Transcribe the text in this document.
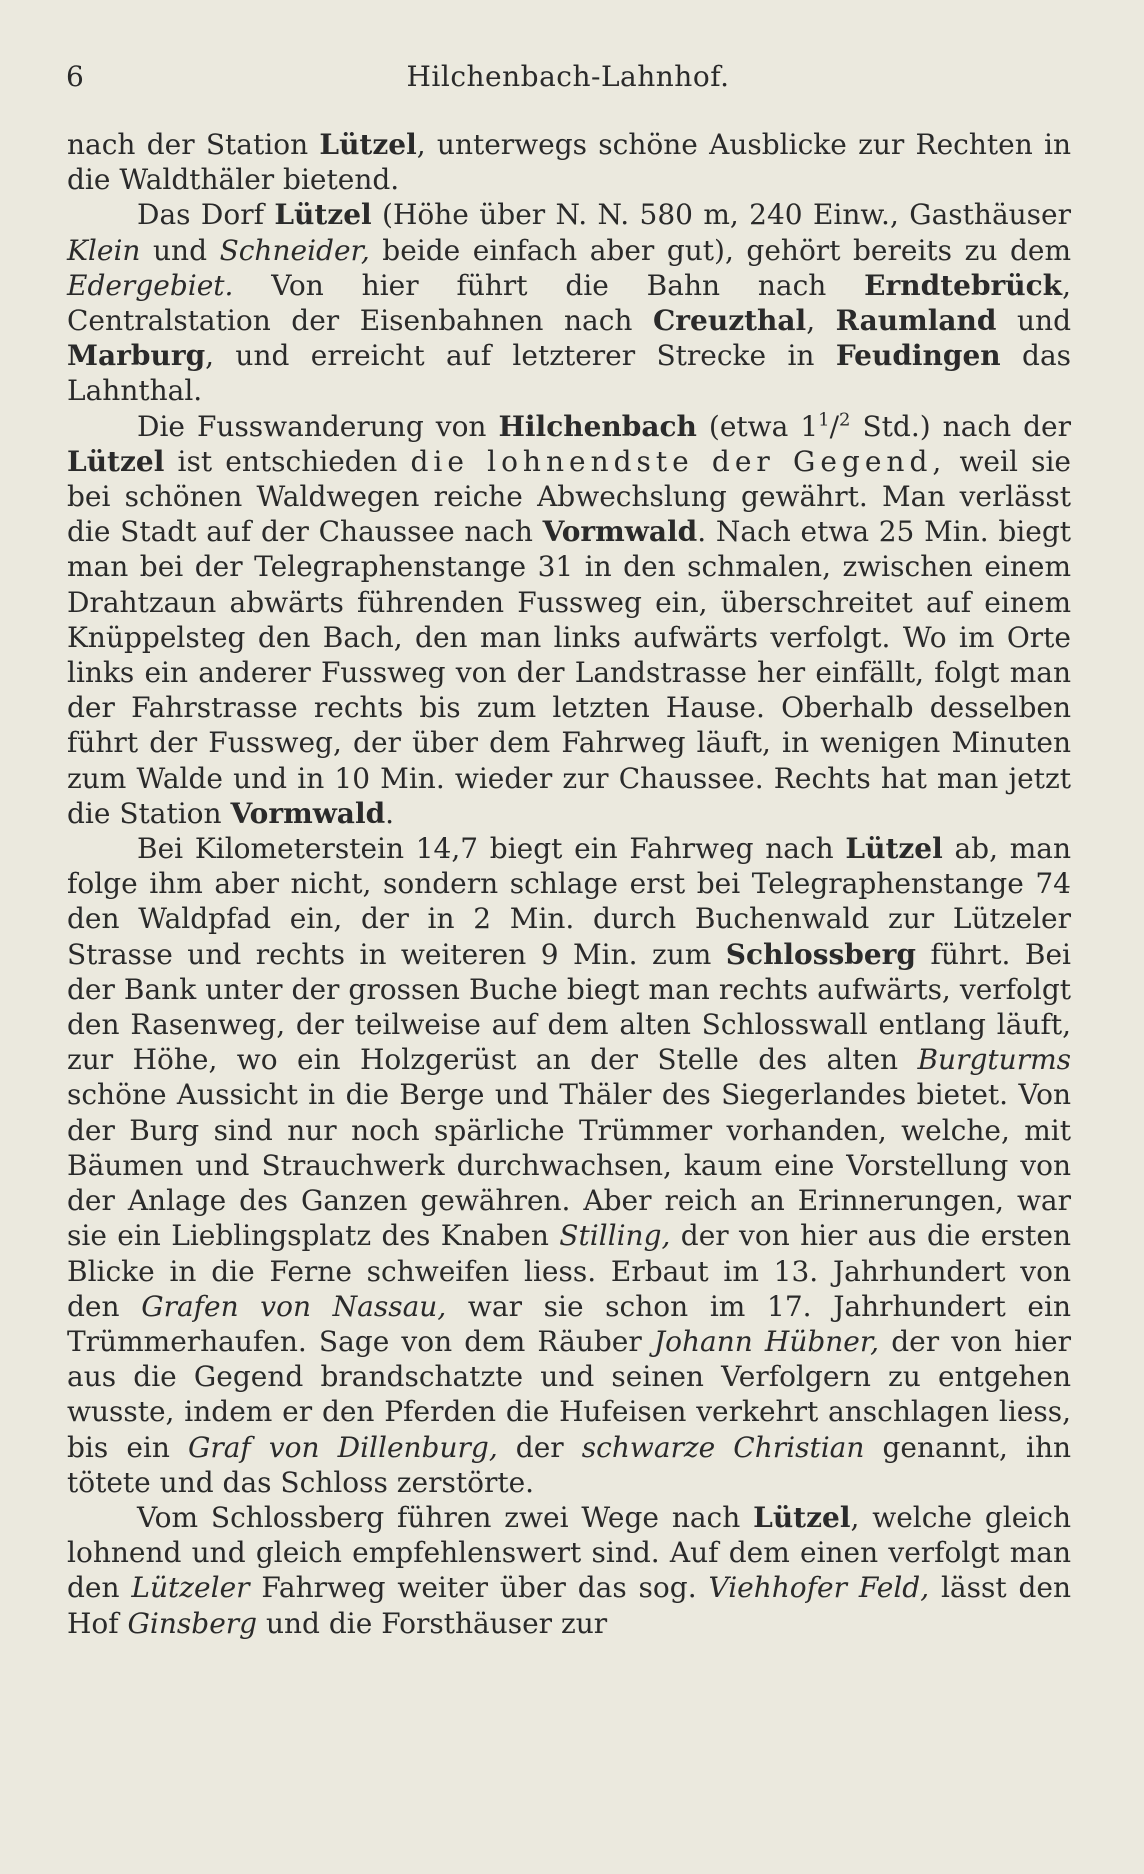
6	Hilchenbach-Lahnhof.

nach der Station Lützel, unterwegs schöne Ausblicke zur Rechten in die Waldthäler bietend.

Das Dorf Lützel (Höhe über N. N. 580 m, 240 Einw., Gasthäuser Klein und Schneider, beide einfach aber gut), gehört bereits zu dem Edergebiet. Von hier führt die Bahn nach Erndtebrück, Centralstation der Eisenbahnen nach Creuzthal, Raumland und Marburg, und erreicht auf letzterer Strecke in Feudingen das Lahnthal.

Die Fusswanderung von Hilchenbach (etwa $1^1/^2$ Std.) nach der Lützel ist entschieden die lohnendste der Gegend, weil sie bei schönen Waldwegen reiche Abwechslung gewährt. Man verlässt die Stadt auf der Chaussee nach Vormwald. Nach etwa 25 Min. biegt man bei der Telegraphenstange 31 in den schmalen, zwischen einem Drahtzaun abwärts führenden Fussweg ein, überschreitet auf einem Knüppelsteg den Bach, den man links aufwärts verfolgt. Wo im Orte links ein anderer Fussweg von der Landstrasse her einfällt, folgt man der Fahrstrasse rechts bis zum letzten Hause. Oberhalb desselben führt der Fussweg, der über dem Fahrweg läuft, in wenigen Minuten zum Walde und in 10 Min. wieder zur Chaussee. Rechts hat man jetzt die Station Vormwald.

Bei Kilometerstein 14,7 biegt ein Fahrweg nach Lützel ab, man folge ihm aber nicht, sondern schlage erst bei Telegraphenstange 74 den Waldpfad ein, der in 2 Min. durch Buchenwald zur Lützeler Strasse und rechts in weiteren 9 Min. zum Schlossberg führt. Bei der Bank unter der grossen Buche biegt man rechts aufwärts, verfolgt den Rasenweg, der teilweise auf dem alten Schlosswall entlang läuft, zur Höhe, wo ein Holzgerüst an der Stelle des alten Burgturms schöne Aussicht in die Berge und Thäler des Siegerlandes bietet. Von der Burg sind nur noch spärliche Trümmer vorhanden, welche, mit Bäumen und Strauchwerk durchwachsen, kaum eine Vorstellung von der Anlage des Ganzen gewähren. Aber reich an Erinnerungen, war sie ein Lieblingsplatz des Knaben Stilling, der von hier aus die ersten Blicke in die Ferne schweifen liess. Erbaut im 13. Jahrhundert von den Grafen von Nassau, war sie schon im 17. Jahrhundert ein Trümmerhaufen. Sage von dem Räuber Johann Hübner, der von hier aus die Gegend brandschatzte und seinen Verfolgern zu entgehen wusste, indem er den Pferden die Hufeisen verkehrt anschlagen liess, bis ein Graf von Dillenburg, der schwarze Christian genannt, ihn tötete und das Schloss zerstörte.

Vom Schlossberg führen zwei Wege nach Lützel, welche gleich lohnend und gleich empfehlenswert sind. Auf dem einen verfolgt man den Lützeler Fahrweg weiter über das sog. Viehhofer Feld, lässt den Hof Ginsberg und die Forsthäuser zur
